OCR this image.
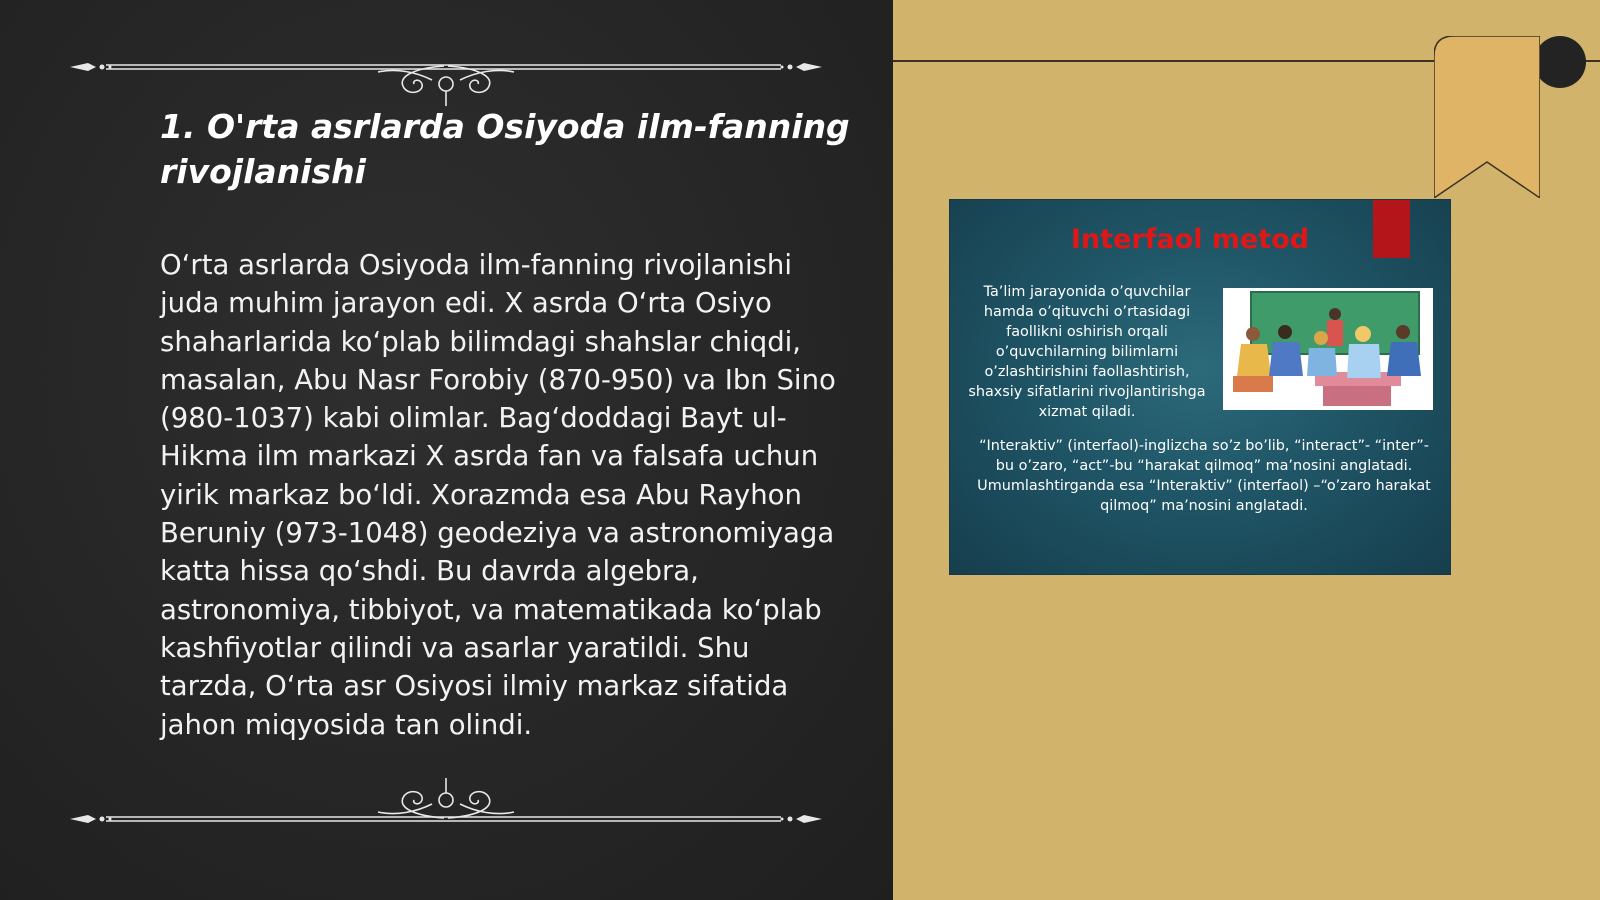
1. O'rta asrlarda Osiyoda ilm-fanning rivojlanishi

O‘rta asrlarda Osiyoda ilm-fanning rivojlanishi juda muhim jarayon edi. X asrda O‘rta Osiyo shaharlarida ko‘plab bilimdagi shahslar chiqdi, masalan, Abu Nasr Forobiy (870-950) va Ibn Sino (980-1037) kabi olimlar. Bag‘doddagi Bayt ul-Hikma ilm markazi X asrda fan va falsafa uchun yirik markaz bo‘ldi. Xorazmda esa Abu Rayhon Beruniy (973-1048) geodeziya va astronomiyaga katta hissa qo‘shdi. Bu davrda algebra, astronomiya, tibbiyot, va matematikada ko‘plab kashfiyotlar qilindi va asarlar yaratildi. Shu tarzda, O‘rta asr Osiyosi ilmiy markaz sifatida jahon miqyosida tan olindi.

Interfaol metod
Ta’lim jarayonida o’quvchilar hamda o’qituvchi o’rtasidagi faollikni oshirish orqali o’quvchilarning bilimlarni o’zlashtirishini faollashtirish, shaxsiy sifatlarini rivojlantirishga xizmat qiladi.
“Interaktiv” (interfaol)-inglizcha so’z bo’lib, “interact”- “inter”-bu o’zaro, “act”-bu “harakat qilmoq” ma’nosini anglatadi. Umumlashtirganda esa “Interaktiv” (interfaol) –“o’zaro harakat qilmoq” ma’nosini anglatadi.
